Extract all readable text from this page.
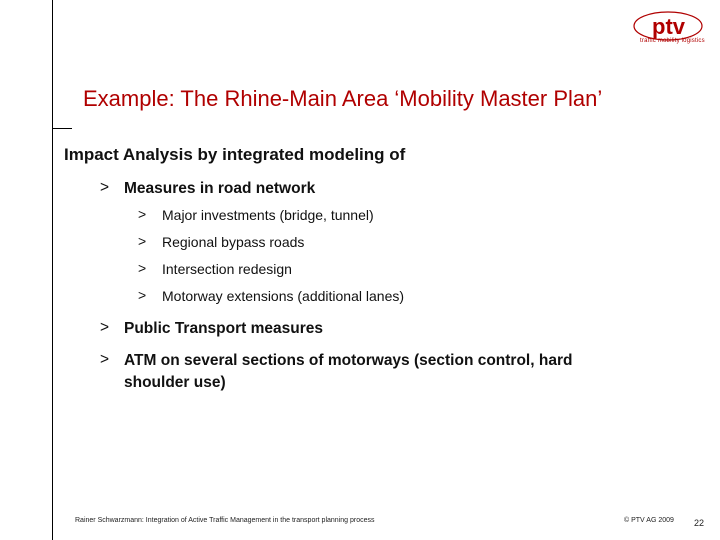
ptv
traffic mobility logistics
Example: The Rhine-Main Area ‘Mobility Master Plan’
Impact Analysis by integrated modeling of
> Measures in road network
> Major investments (bridge, tunnel)
> Regional bypass roads
> Intersection redesign
> Motorway extensions (additional lanes)
> Public Transport measures
> ATM on several sections of motorways (section control, hard
shoulder use)
Rainer Schwarzmann: Integration of Active Traffic Management in the transport planning process	© PTV AG 2009 22
